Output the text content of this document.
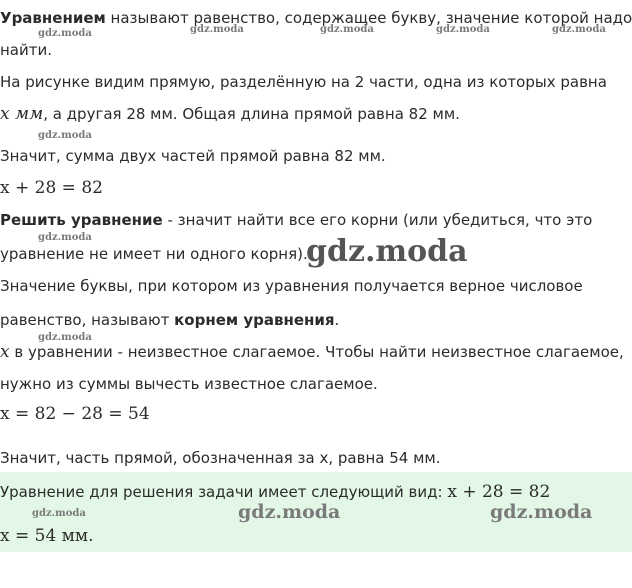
Уравнением называют равенство, содержащее букву, значение которой надо
найти.
На рисунке видим прямую, разделённую на 2 части, одна из которых равна
x мм, а другая 28 мм. Общая длина прямой равна 82 мм.
Значит, сумма двух частей прямой равна 82 мм.
x + 28 = 82
Решить уравнение - значит найти все его корни (или убедиться, что это
уравнение не имеет ни одного корня).
Значение буквы, при котором из уравнения получается верное числовое
равенство, называют корнем уравнения.
x в уравнении - неизвестное слагаемое. Чтобы найти неизвестное слагаемое,
нужно из суммы вычесть известное слагаемое.
x = 82 − 28 = 54
Значит, часть прямой, обозначенная за x, равна 54 мм.
Уравнение для решения задачи имеет следующий вид: x + 28 = 82
x = 54 мм.
gdz.moda	gdz.moda	gdz.moda	gdz.moda	gdz.moda
gdz.moda
gdz.moda	gdz.moda
gdz.moda
gdz.moda	gdz.moda	gdz.moda
